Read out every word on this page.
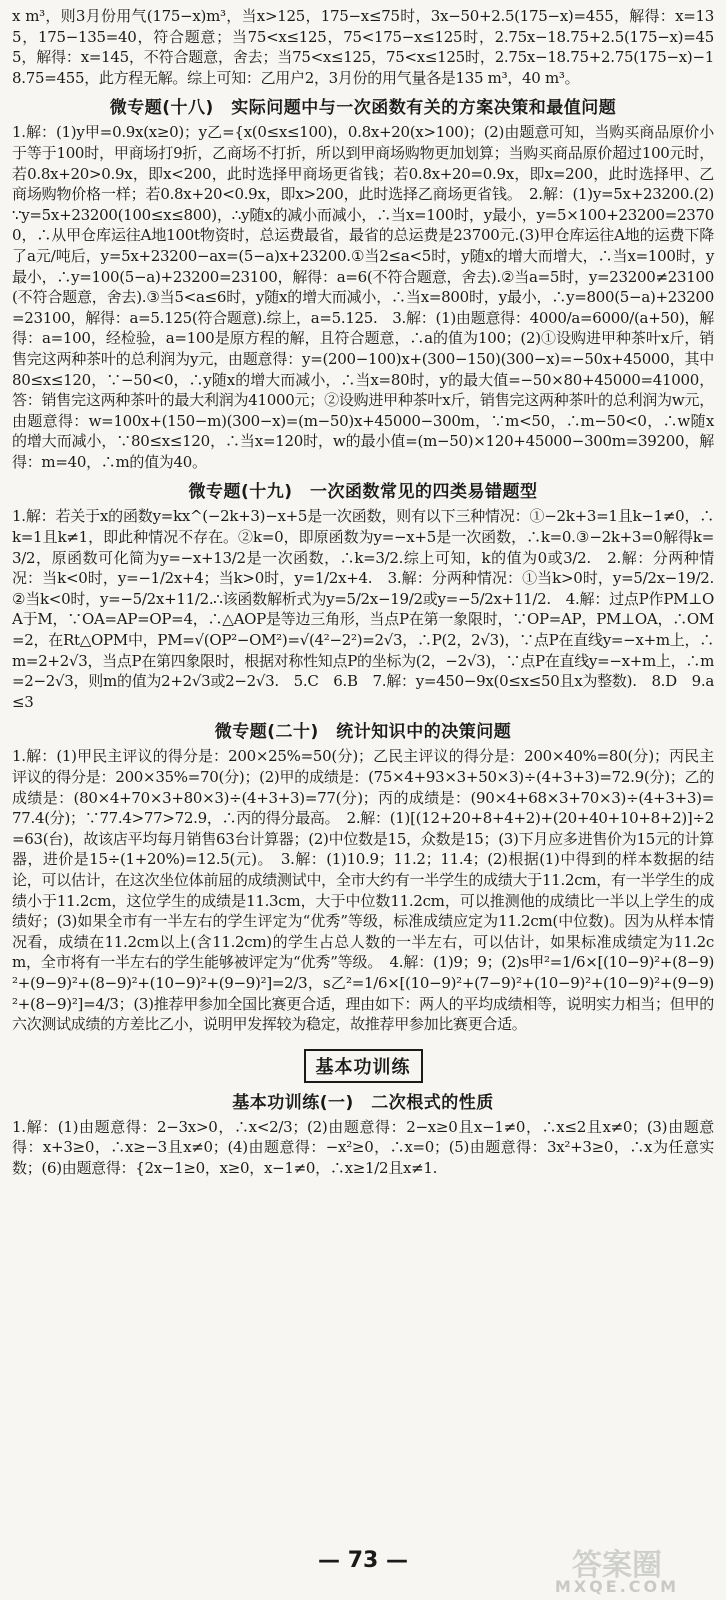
x m³，则3月份用气(175−x)m³，当x>125，175−x≤75时，3x−50+2.5(175−x)=455，解得：x=135，175−135=40，符合题意；当75<x≤125，75<175−x≤125时，2.75x−18.75+2.5(175−x)=455，解得：x=145，不符合题意，舍去；当75<x≤125，75<x≤125时，2.75x−18.75+2.75(175−x)−18.75=455，此方程无解。综上可知：乙用户2，3月份的用气量各是135 m³，40 m³。

微专题(十八)　实际问题中与一次函数有关的方案决策和最值问题

1.解：(1)y甲=0.9x(x≥0)；y乙={x(0≤x≤100)，0.8x+20(x>100)；(2)由题意可知，当购买商品原价小于等于100时，甲商场打9折，乙商场不打折，所以到甲商场购物更加划算；当购买商品原价超过100元时，若0.8x+20>0.9x，即x<200，此时选择甲商场更省钱；若0.8x+20=0.9x，即x=200，此时选择甲、乙商场购物价格一样；若0.8x+20<0.9x，即x>200，此时选择乙商场更省钱。　2.解：(1)y=5x+23200.(2)∵y=5x+23200(100≤x≤800)，∴y随x的减小而减小，∴当x=100时，y最小，y=5×100+23200=23700，∴从甲仓库运往A地100t物资时，总运费最省，最省的总运费是23700元.(3)甲仓库运往A地的运费下降了a元/吨后，y=5x+23200−ax=(5−a)x+23200.①当2≤a<5时，y随x的增大而增大，∴当x=100时，y最小，∴y=100(5−a)+23200=23100，解得：a=6(不符合题意，舍去).②当a=5时，y=23200≠23100(不符合题意，舍去).③当5<a≤6时，y随x的增大而减小，∴当x=800时，y最小，∴y=800(5−a)+23200=23100，解得：a=5.125(符合题意).综上，a=5.125.　3.解：(1)由题意得：4000/a=6000/(a+50)，解得：a=100，经检验，a=100是原方程的解，且符合题意，∴a的值为100；(2)①设购进甲种茶叶x斤，销售完这两种茶叶的总利润为y元，由题意得：y=(200−100)x+(300−150)(300−x)=−50x+45000，其中80≤x≤120，∵−50<0，∴y随x的增大而减小，∴当x=80时，y的最大值=−50×80+45000=41000，答：销售完这两种茶叶的最大利润为41000元；②设购进甲种茶叶x斤，销售完这两种茶叶的总利润为w元，由题意得：w=100x+(150−m)(300−x)=(m−50)x+45000−300m，∵m<50，∴m−50<0，∴w随x的增大而减小，∵80≤x≤120，∴当x=120时，w的最小值=(m−50)×120+45000−300m=39200，解得：m=40，∴m的值为40。

微专题(十九)　一次函数常见的四类易错题型

1.解：若关于x的函数y=kx^(−2k+3)−x+5是一次函数，则有以下三种情况：①−2k+3=1且k−1≠0，∴k=1且k≠1，即此种情况不存在。②k=0，即原函数为y=−x+5是一次函数，∴k=0.③−2k+3=0解得k=3/2，原函数可化简为y=−x+13/2是一次函数，∴k=3/2.综上可知，k的值为0或3/2.　2.解：分两种情况：当k<0时，y=−1/2x+4；当k>0时，y=1/2x+4.　3.解：分两种情况：①当k>0时，y=5/2x−19/2.②当k<0时，y=−5/2x+11/2.∴该函数解析式为y=5/2x−19/2或y=−5/2x+11/2.　4.解：过点P作PM⊥OA于M，∵OA=AP=OP=4，∴△AOP是等边三角形，当点P在第一象限时，∵OP=AP，PM⊥OA，∴OM=2，在Rt△OPM中，PM=√(OP²−OM²)=√(4²−2²)=2√3，∴P(2，2√3)，∵点P在直线y=−x+m上，∴m=2+2√3，当点P在第四象限时，根据对称性知点P的坐标为(2，−2√3)，∵点P在直线y=−x+m上，∴m=2−2√3，则m的值为2+2√3或2−2√3.　5.C　6.B　7.解：y=450−9x(0≤x≤50且x为整数).　8.D　9.a≤3

微专题(二十)　统计知识中的决策问题

1.解：(1)甲民主评议的得分是：200×25%=50(分)；乙民主评议的得分是：200×40%=80(分)；丙民主评议的得分是：200×35%=70(分)；(2)甲的成绩是：(75×4+93×3+50×3)÷(4+3+3)=72.9(分)；乙的成绩是：(80×4+70×3+80×3)÷(4+3+3)=77(分)；丙的成绩是：(90×4+68×3+70×3)÷(4+3+3)=77.4(分)；∵77.4>77>72.9，∴丙的得分最高。　2.解：(1)[(12+20+8+4+2)+(20+40+10+8+2)]÷2=63(台)，故该店平均每月销售63台计算器；(2)中位数是15，众数是15；(3)下月应多进售价为15元的计算器，进价是15÷(1+20%)=12.5(元)。　3.解：(1)10.9；11.2；11.4；(2)根据(1)中得到的样本数据的结论，可以估计，在这次坐位体前屈的成绩测试中，全市大约有一半学生的成绩大于11.2cm，有一半学生的成绩小于11.2cm，这位学生的成绩是11.3cm，大于中位数11.2cm，可以推测他的成绩比一半以上学生的成绩好；(3)如果全市有一半左右的学生评定为“优秀”等级，标准成绩应定为11.2cm(中位数)。因为从样本情况看，成绩在11.2cm以上(含11.2cm)的学生占总人数的一半左右，可以估计，如果标准成绩定为11.2cm，全市将有一半左右的学生能够被评定为“优秀”等级。　4.解：(1)9；9；(2)s甲²=1/6×[(10−9)²+(8−9)²+(9−9)²+(8−9)²+(10−9)²+(9−9)²]=2/3，s乙²=1/6×[(10−9)²+(7−9)²+(10−9)²+(10−9)²+(9−9)²+(8−9)²]=4/3；(3)推荐甲参加全国比赛更合适，理由如下：两人的平均成绩相等，说明实力相当；但甲的六次测试成绩的方差比乙小，说明甲发挥较为稳定，故推荐甲参加比赛更合适。

基本功训练
基本功训练(一)　二次根式的性质

1.解：(1)由题意得：2−3x>0，∴x<2/3；(2)由题意得：2−x≥0且x−1≠0，∴x≤2且x≠0；(3)由题意得：x+3≥0，∴x≥−3且x≠0；(4)由题意得：−x²≥0，∴x=0；(5)由题意得：3x²+3≥0，∴x为任意实数；(6)由题意得：{2x−1≥0，x≥0，x−1≠0，∴x≥1/2且x≠1.

— 73 —	答案圈
MXQE.COM
